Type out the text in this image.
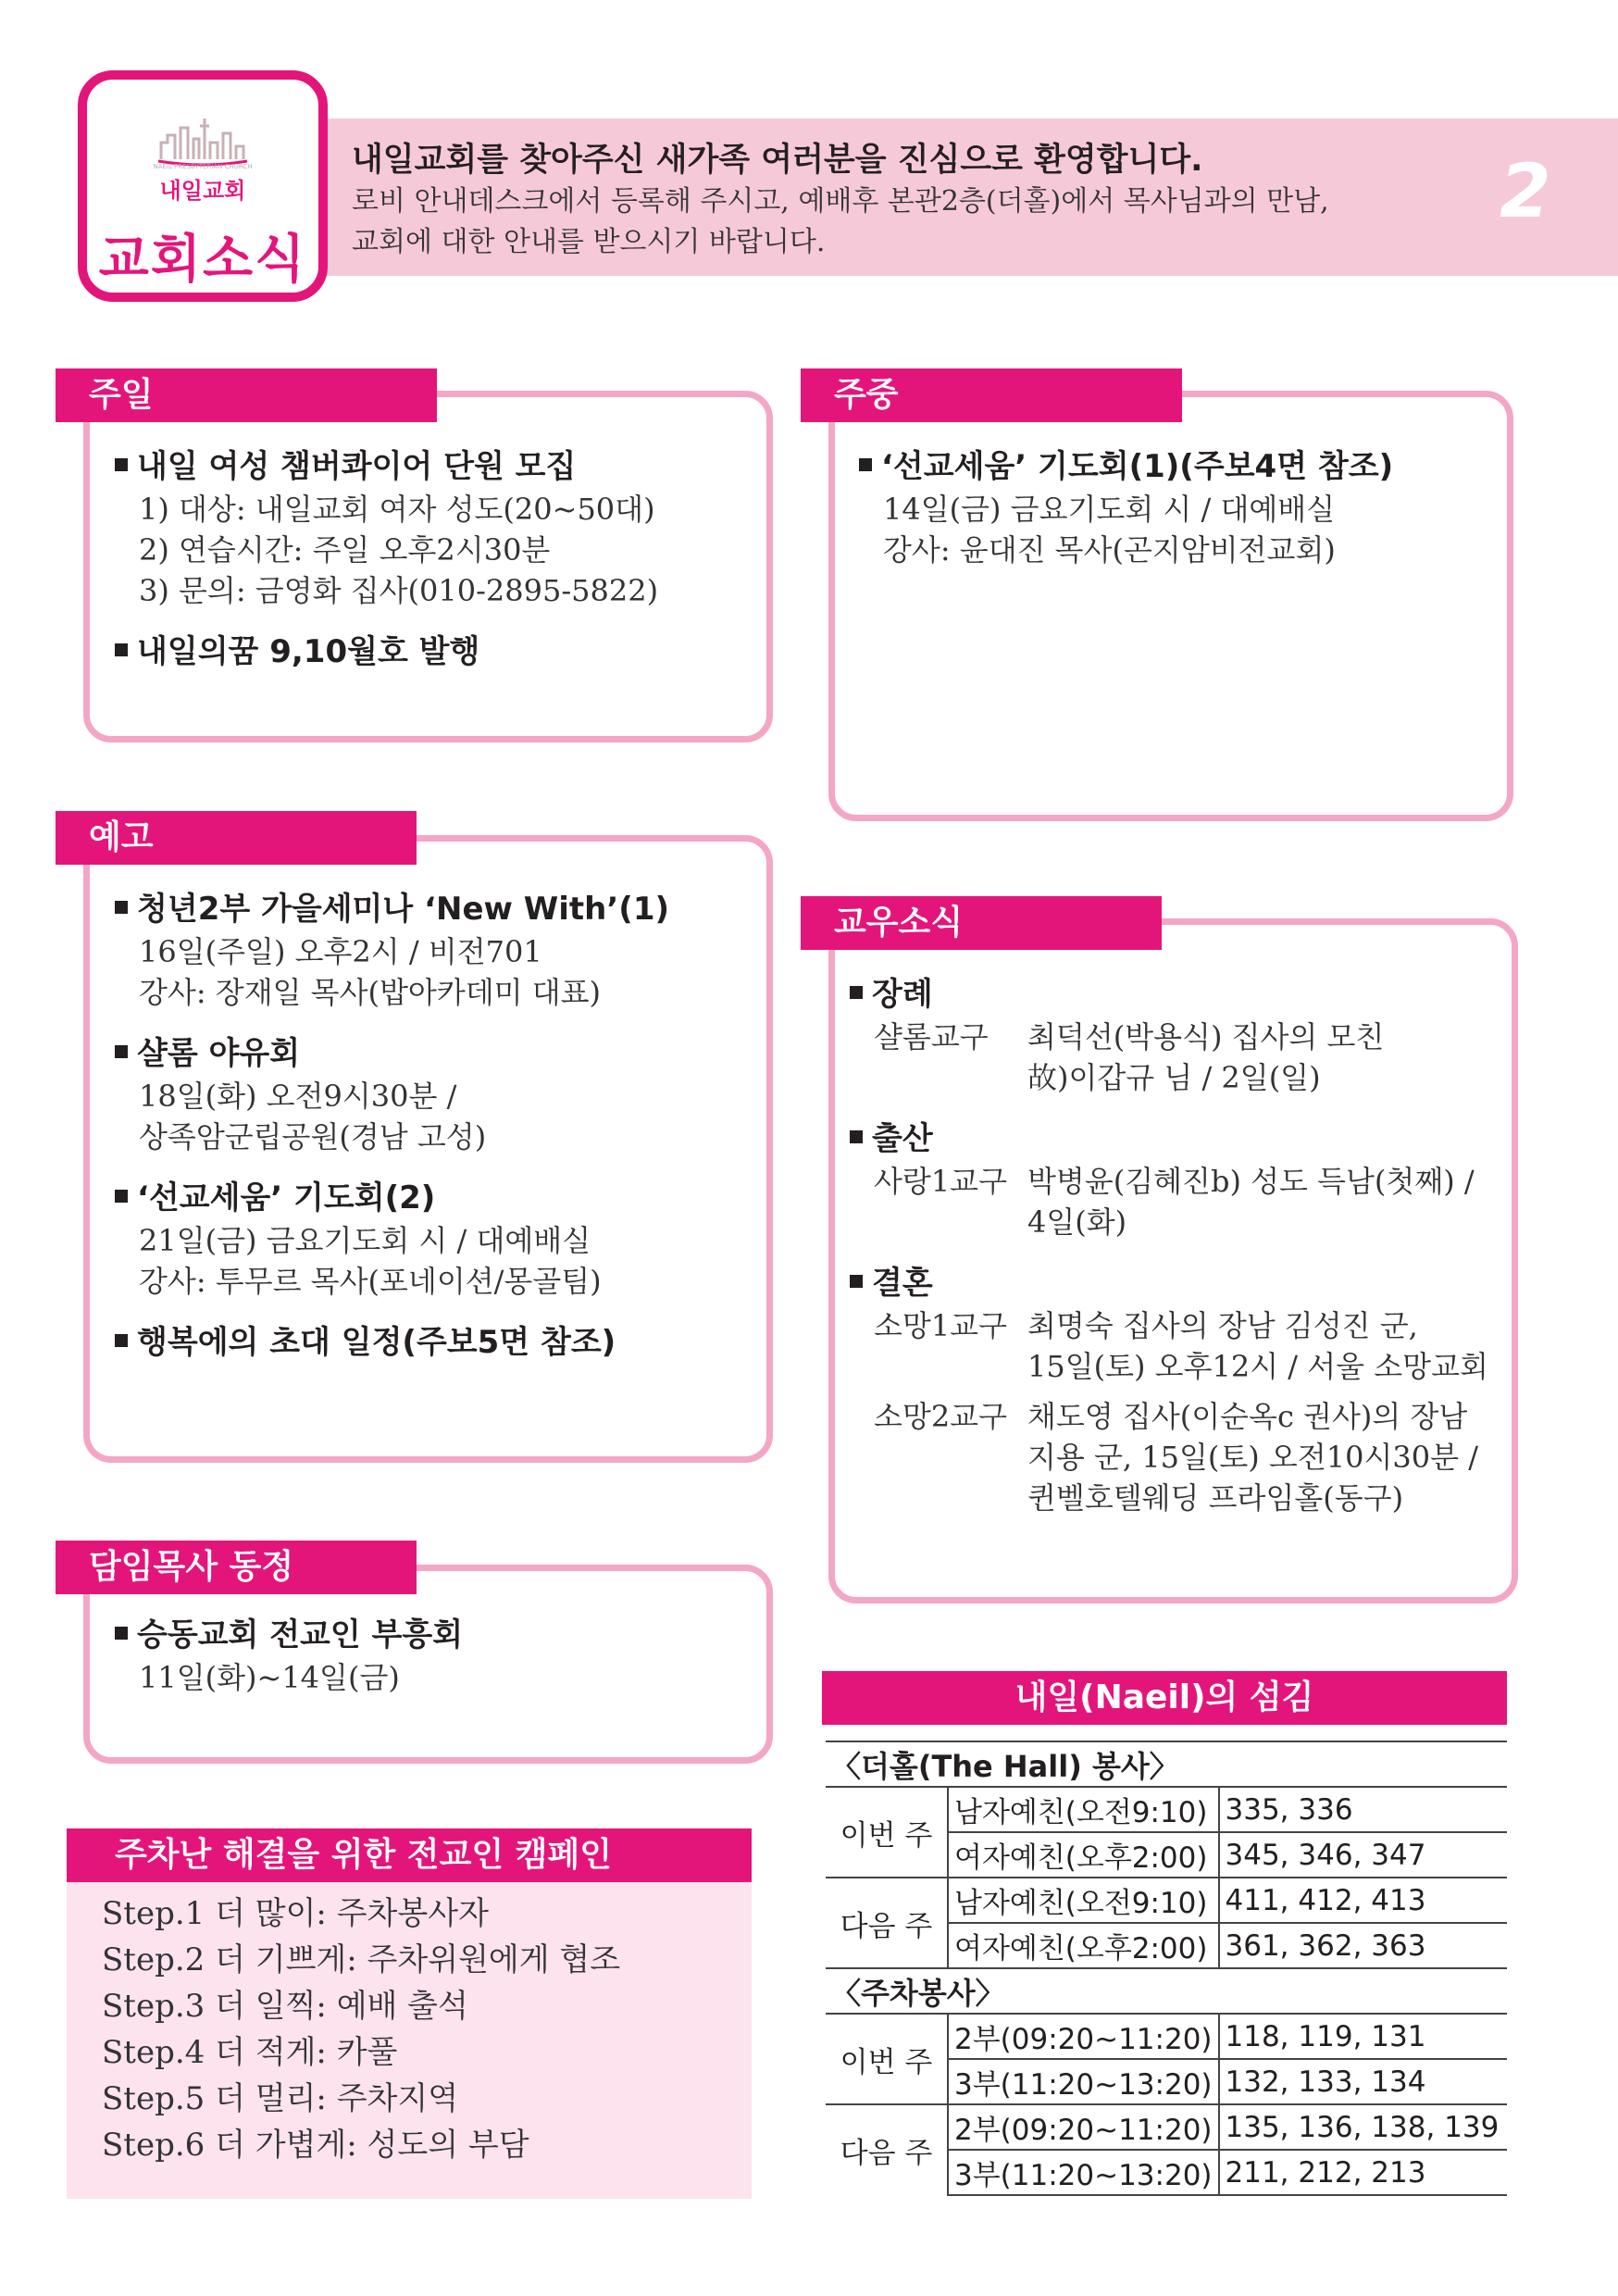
NAEIL PRESBYTERIAN CHURCH
내일교회
교회소식

내일교회를 찾아주신 새가족 여러분을 진심으로 환영합니다.

로비 안내데스크에서 등록해 주시고, 예배후 본관2층(더홀)에서 목사님과의 만남,

교회에 대한 안내를 받으시기 바랍니다.

2
주일

내일 여성 챔버콰이어 단원 모집

1) 대상: 내일교회 여자 성도(20~50대)

2) 연습시간: 주일 오후2시30분

3) 문의: 금영화 집사(010-2895-5822)

내일의꿈 9,10월호 발행

주중

‘선교세움’ 기도회(1)(주보4면 참조)

14일(금) 금요기도회 시 / 대예배실

강사: 윤대진 목사(곤지암비전교회)

예고

청년2부 가을세미나 ‘New With’(1)

16일(주일) 오후2시 / 비전701

강사: 장재일 목사(밥아카데미 대표)

샬롬 야유회

18일(화) 오전9시30분 /

상족암군립공원(경남 고성)

‘선교세움’ 기도회(2)

21일(금) 금요기도회 시 / 대예배실

강사: 투무르 목사(포네이션/몽골팀)

행복에의 초대 일정(주보5면 참조)

교우소식

장례

샬롬교구	최덕선(박용식) 집사의 모친
故)이갑규 님 / 2일(일)

출산

사랑1교구 박병윤(김혜진b) 성도 득남(첫째) /
4일(화)

결혼

소망1교구 최명숙 집사의 장남 김성진 군,
15일(토) 오후12시 / 서울 소망교회
소망2교구 채도영 집사(이순옥c 권사)의 장남
지용 군, 15일(토) 오전10시30분 /
퀸벨호텔웨딩 프라임홀(동구)
담임목사 동정

승동교회 전교인 부흥회

11일(화)~14일(금)

주차난 해결을 위한 전교인 캠페인

Step.1 더 많이: 주차봉사자

Step.2 더 기쁘게: 주차위원에게 협조

Step.3 더 일찍: 예배 출석

Step.4 더 적게: 카풀

Step.5 더 멀리: 주차지역

Step.6 더 가볍게: 성도의 부담

내일(Naeil)의 섬김
〈더홀(The Hall) 봉사〉		
이번 주	남자예친(오전9:10)	335, 336
	여자예친(오후2:00)	345, 346, 347
다음 주	남자예친(오전9:10)	411, 412, 413
	여자예친(오후2:00)	361, 362, 363
〈주차봉사〉		
이번 주	2부(09:20~11:20)	118, 119, 131
	3부(11:20~13:20)	132, 133, 134
다음 주	2부(09:20~11:20)	135, 136, 138, 139
	3부(11:20~13:20)	211, 212, 213
